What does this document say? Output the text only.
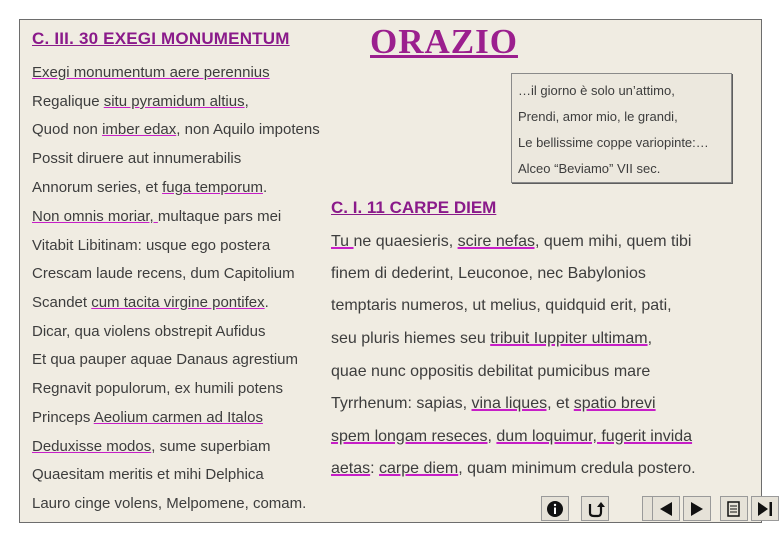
C. III. 30 EXEGI MONUMENTUM ORAZIO
Exegi monumentum aere perennius
Regalique situ pyramidum altius,
Quod non imber edax, non Aquilo impotens
Possit diruere aut innumerabilis
Annorum series, et fuga temporum.
Non omnis moriar, multaque pars mei
Vitabit Libitinam: usque ego postera
Crescam laude recens, dum Capitolium
Scandet cum tacita virgine pontifex.
Dicar, qua violens obstrepit Aufidus
Et qua pauper aquae Danaus agrestium
Regnavit populorum, ex humili potens
Princeps Aeolium carmen ad Italos
Deduxisse modos, sume superbiam
Quaesitam meritis et mihi Delphica
Lauro cinge volens, Melpomene, comam.
…il giorno è solo un’attimo,
Prendi, amor mio, le grandi,
Le bellissime coppe variopinte:…
Alceo “Beviamo” VII sec.
C. I. 11 CARPE DIEM
Tu ne quaesieris, scire nefas, quem mihi, quem tibi
finem di dederint, Leuconoe, nec Babylonios
temptaris numeros, ut melius, quidquid erit, pati,
seu pluris hiemes seu tribuit Iuppiter ultimam,
quae nunc oppositis debilitat pumicibus mare
Tyrrhenum: sapias, vina liques, et spatio brevi
spem longam reseces, dum loquimur, fugerit invida
aetas: carpe diem, quam minimum credula postero.
